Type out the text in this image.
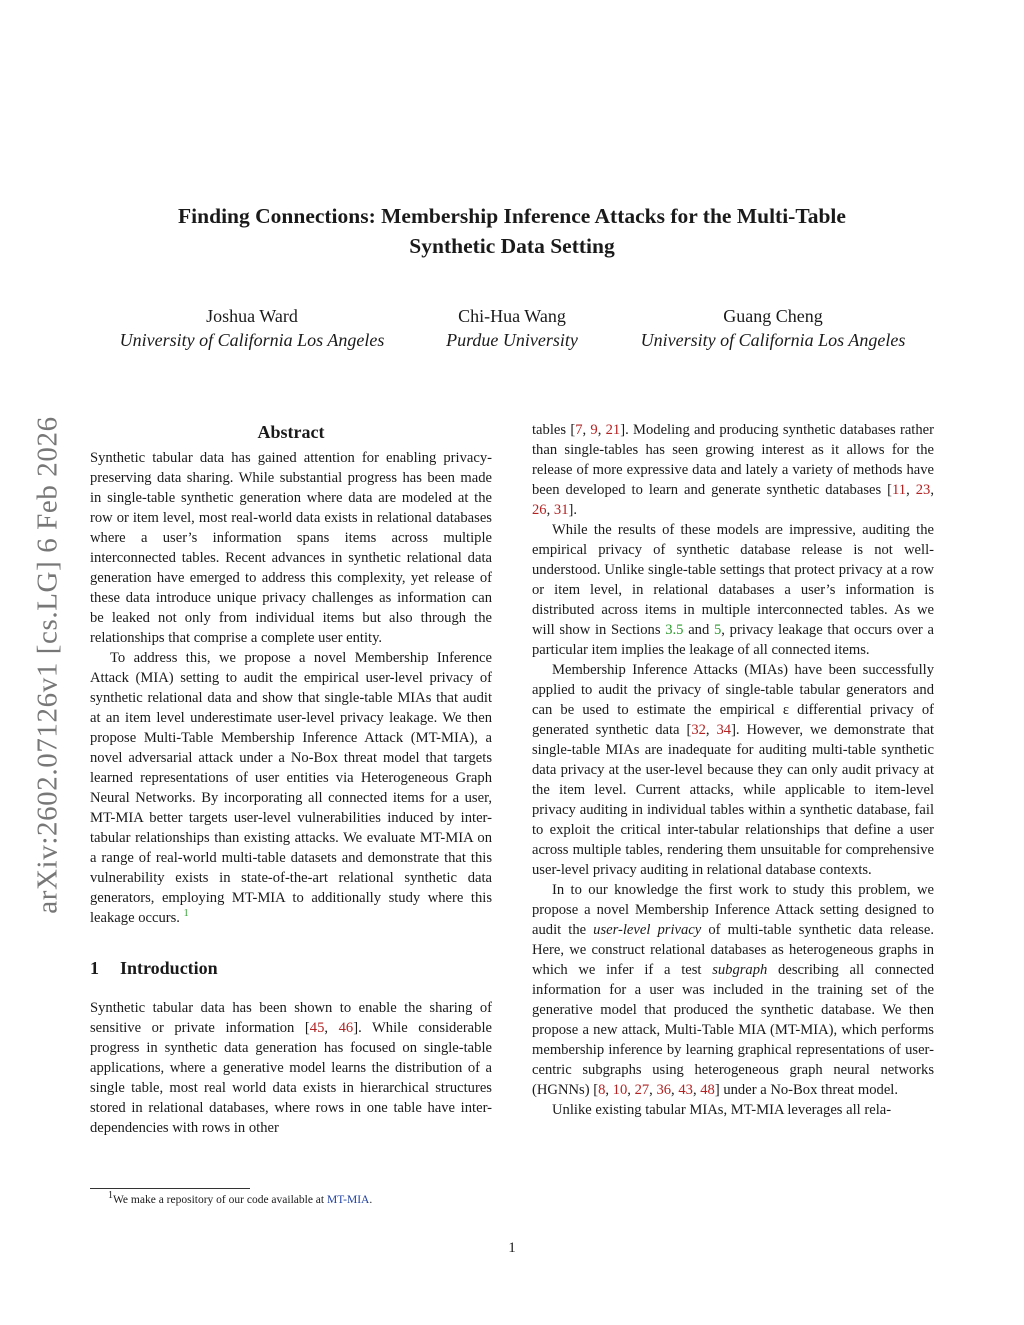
arXiv:2602.07126v1 [cs.LG] 6 Feb 2026
Finding Connections: Membership Inference Attacks for the Multi-Table
Synthetic Data Setting
Joshua Ward
University of California Los Angeles
Chi-Hua Wang
Purdue University
Guang Cheng
University of California Los Angeles
Abstract

Synthetic tabular data has gained attention for enabling privacy-preserving data sharing. While substantial progress has been made in single-table synthetic generation where data are modeled at the row or item level, most real-world data exists in relational databases where a user’s information spans items across multiple interconnected tables. Recent advances in synthetic relational data generation have emerged to address this complexity, yet release of these data introduce unique privacy challenges as information can be leaked not only from individual items but also through the relationships that comprise a complete user entity.

To address this, we propose a novel Membership Inference Attack (MIA) setting to audit the empirical user-level privacy of synthetic relational data and show that single-table MIAs that audit at an item level underestimate user-level privacy leakage. We then propose Multi-Table Membership Inference Attack (MT-MIA), a novel adversarial attack under a No-Box threat model that targets learned representations of user entities via Heterogeneous Graph Neural Networks. By incorporating all connected items for a user, MT-MIA better targets user-level vulnerabilities induced by inter-tabular relationships than existing attacks. We evaluate MT-MIA on a range of real-world multi-table datasets and demonstrate that this vulnerability exists in state-of-the-art relational synthetic data generators, employing MT-MIA to additionally study where this leakage occurs. $^1$

1 Introduction

Synthetic tabular data has been shown to enable the sharing of sensitive or private information [45, 46]. While considerable progress in synthetic data generation has focused on single-table applications, where a generative model learns the distribution of a single table, most real world data exists in hierarchical structures stored in relational databases, where rows in one table have inter-dependencies with rows in other

tables [7, 9, 21]. Modeling and producing synthetic databases rather than single-tables has seen growing interest as it allows for the release of more expressive data and lately a variety of methods have been developed to learn and generate synthetic databases [11, 23, 26, 31].

While the results of these models are impressive, auditing the empirical privacy of synthetic database release is not well-understood. Unlike single-table settings that protect privacy at a row or item level, in relational databases a user’s information is distributed across items in multiple interconnected tables. As we will show in Sections 3.5 and 5, privacy leakage that occurs over a particular item implies the leakage of all connected items.

Membership Inference Attacks (MIAs) have been successfully applied to audit the privacy of single-table tabular generators and can be used to estimate the empirical ε differential privacy of generated synthetic data [32, 34]. However, we demonstrate that single-table MIAs are inadequate for auditing multi-table synthetic data privacy at the user-level because they can only audit privacy at the item level. Current attacks, while applicable to item-level privacy auditing in individual tables within a synthetic database, fail to exploit the critical inter-tabular relationships that define a user across multiple tables, rendering them unsuitable for comprehensive user-level privacy auditing in relational database contexts.

In to our knowledge the first work to study this problem, we propose a novel Membership Inference Attack setting designed to audit the user-level privacy of multi-table synthetic data release. Here, we construct relational databases as heterogeneous graphs in which we infer if a test subgraph describing all connected information for a user was included in the training set of the generative model that produced the synthetic database. We then propose a new attack, Multi-Table MIA (MT-MIA), which performs membership inference by learning graphical representations of user-centric subgraphs using heterogeneous graph neural networks (HGNNs) [8, 10, 27, 36, 43, 48] under a No-Box threat model.

Unlike existing tabular MIAs, MT-MIA leverages all rela-

$^1$We make a repository of our code available at MT-MIA.
1
